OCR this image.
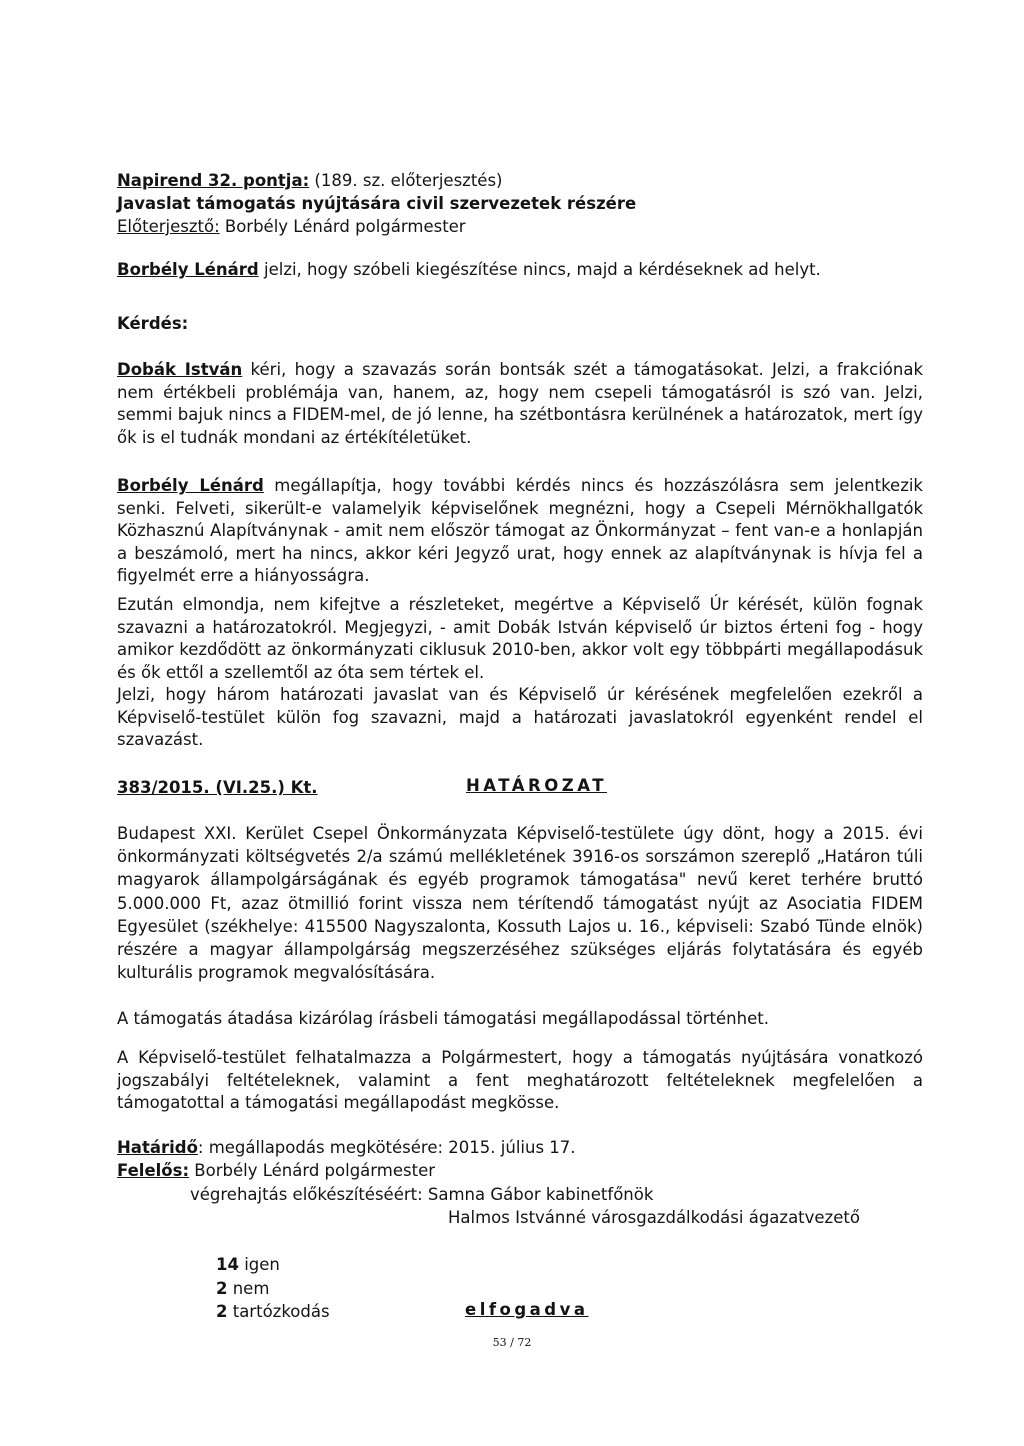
Napirend 32. pontja: (189. sz. előterjesztés)
Javaslat támogatás nyújtására civil szervezetek részére
Előterjesztő: Borbély Lénárd polgármester
Borbély Lénárd jelzi, hogy szóbeli kiegészítése nincs, majd a kérdéseknek ad helyt.
Kérdés:
Dobák István kéri, hogy a szavazás során bontsák szét a támogatásokat. Jelzi, a frakciónak nem értékbeli problémája van, hanem, az, hogy nem csepeli támogatásról is szó van. Jelzi, semmi bajuk nincs a FIDEM-mel, de jó lenne, ha szétbontásra kerülnének a határozatok, mert így ők is el tudnák mondani az értékítéletüket.
Borbély Lénárd megállapítja, hogy további kérdés nincs és hozzászólásra sem jelentkezik senki. Felveti, sikerült-e valamelyik képviselőnek megnézni, hogy a Csepeli Mérnökhallgatók Közhasznú Alapítványnak - amit nem először támogat az Önkormányzat – fent van-e a honlapján a beszámoló, mert ha nincs, akkor kéri Jegyző urat, hogy ennek az alapítványnak is hívja fel a figyelmét erre a hiányosságra.
Ezután elmondja, nem kifejtve a részleteket, megértve a Képviselő Úr kérését, külön fognak szavazni a határozatokról. Megjegyzi, - amit Dobák István képviselő úr biztos érteni fog - hogy amikor kezdődött az önkormányzati ciklusuk 2010-ben, akkor volt egy többpárti megállapodásuk és ők ettől a szellemtől az óta sem tértek el.
Jelzi, hogy három határozati javaslat van és Képviselő úr kérésének megfelelően ezekről a Képviselő-testület külön fog szavazni, majd a határozati javaslatokról egyenként rendel el szavazást.
383/2015. (VI.25.) Kt.	HATÁROZAT
Budapest XXI. Kerület Csepel Önkormányzata Képviselő-testülete úgy dönt, hogy a 2015. évi önkormányzati költségvetés 2/a számú mellékletének 3916-os sorszámon szereplő „Határon túli magyarok állampolgárságának és egyéb programok támogatása" nevű keret terhére bruttó 5.000.000 Ft, azaz ötmillió forint vissza nem térítendő támogatást nyújt az Asociatia FIDEM Egyesület (székhelye: 415500 Nagyszalonta, Kossuth Lajos u. 16., képviseli: Szabó Tünde elnök) részére a magyar állampolgárság megszerzéséhez szükséges eljárás folytatására és egyéb kulturális programok megvalósítására.
A támogatás átadása kizárólag írásbeli támogatási megállapodással történhet.
A Képviselő-testület felhatalmazza a Polgármestert, hogy a támogatás nyújtására vonatkozó jogszabályi feltételeknek, valamint a fent meghatározott feltételeknek megfelelően a támogatottal a támogatási megállapodást megkösse.
Határidő: megállapodás megkötésére: 2015. július 17.
Felelős: Borbély Lénárd polgármester
végrehajtás előkészítéséért: Samna Gábor kabinetfőnök
Halmos Istvánné városgazdálkodási ágazatvezető
14 igen
2 nem
2 tartózkodás	elfogadva
53 / 72
